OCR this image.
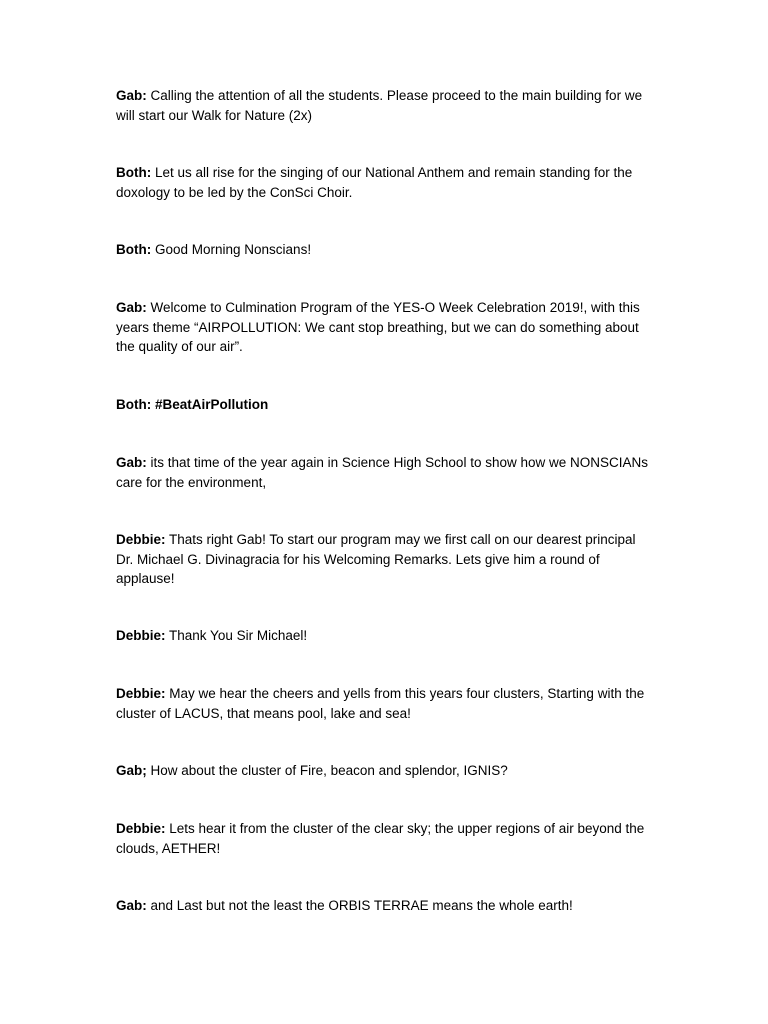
Gab: Calling the attention of all the students. Please proceed to the main building for we will start our Walk for Nature (2x)

Both: Let us all rise for the singing of our National Anthem and remain standing for the doxology to be led by the ConSci Choir.

Both: Good Morning Nonscians!

Gab: Welcome to Culmination Program of the YES-O Week Celebration 2019!, with this years theme “AIRPOLLUTION: We cant stop breathing, but we can do something about the quality of our air”.

Both: #BeatAirPollution

Gab: its that time of the year again in Science High School to show how we NONSCIANs care for the environment,

Debbie: Thats right Gab! To start our program may we first call on our dearest principal Dr. Michael G. Divinagracia for his Welcoming Remarks. Lets give him a round of applause!

Debbie: Thank You Sir Michael!

Debbie: May we hear the cheers and yells from this years four clusters, Starting with the cluster of LACUS, that means pool, lake and sea!

Gab; How about the cluster of Fire, beacon and splendor, IGNIS?

Debbie: Lets hear it from the cluster of the clear sky; the upper regions of air beyond the clouds, AETHER!

Gab: and Last but not the least the ORBIS TERRAE means the whole earth!
